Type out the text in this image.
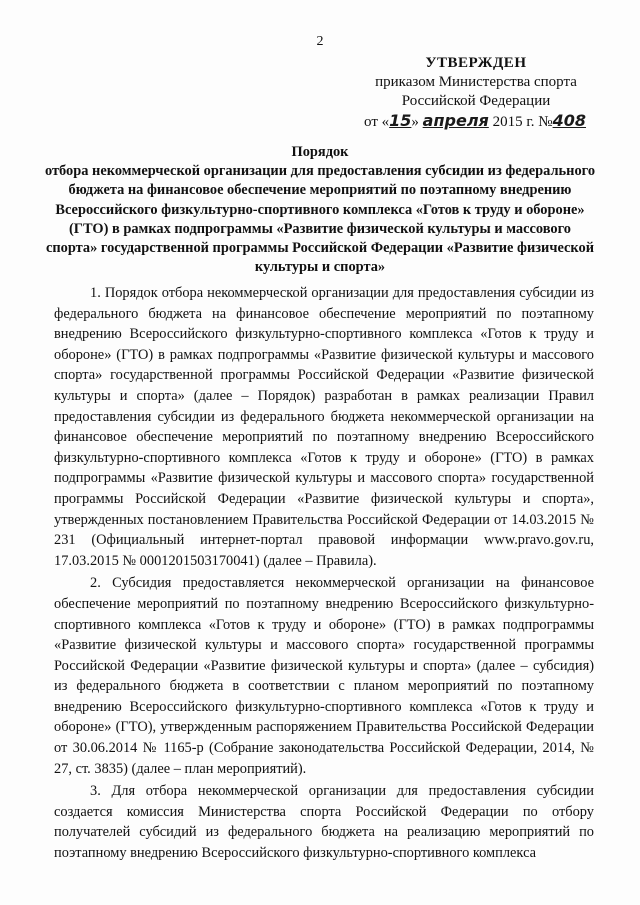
2
УТВЕРЖДЕН
приказом Министерства спорта
Российской Федерации
от «15» апреля 2015 г. №408
Порядок
отбора некоммерческой организации для предоставления субсидии из федерального бюджета на финансовое обеспечение мероприятий по поэтапному внедрению Всероссийского физкультурно-спортивного комплекса «Готов к труду и обороне» (ГТО) в рамках подпрограммы «Развитие физической культуры и массового спорта» государственной программы Российской Федерации «Развитие физической культуры и спорта»

1. Порядок отбора некоммерческой организации для предоставления субсидии из федерального бюджета на финансовое обеспечение мероприятий по поэтапному внедрению Всероссийского физкультурно-спортивного комплекса «Готов к труду и обороне» (ГТО) в рамках подпрограммы «Развитие физической культуры и массового спорта» государственной программы Российской Федерации «Развитие физической культуры и спорта» (далее – Порядок) разработан в рамках реализации Правил предоставления субсидии из федерального бюджета некоммерческой организации на финансовое обеспечение мероприятий по поэтапному внедрению Всероссийского физкультурно-спортивного комплекса «Готов к труду и обороне» (ГТО) в рамках подпрограммы «Развитие физической культуры и массового спорта» государственной программы Российской Федерации «Развитие физической культуры и спорта», утвержденных постановлением Правительства Российской Федерации от 14.03.2015 № 231 (Официальный интернет-портал правовой информации www.pravo.gov.ru, 17.03.2015 № 0001201503170041) (далее – Правила).

2. Субсидия предоставляется некоммерческой организации на финансовое обеспечение мероприятий по поэтапному внедрению Всероссийского физкультурно-спортивного комплекса «Готов к труду и обороне» (ГТО) в рамках подпрограммы «Развитие физической культуры и массового спорта» государственной программы Российской Федерации «Развитие физической культуры и спорта» (далее – субсидия) из федерального бюджета в соответствии с планом мероприятий по поэтапному внедрению Всероссийского физкультурно-спортивного комплекса «Готов к труду и обороне» (ГТО), утвержденным распоряжением Правительства Российской Федерации от 30.06.2014 № 1165-р (Собрание законодательства Российской Федерации, 2014, № 27, ст. 3835) (далее – план мероприятий).

3. Для отбора некоммерческой организации для предоставления субсидии создается комиссия Министерства спорта Российской Федерации по отбору получателей субсидий из федерального бюджета на реализацию мероприятий по поэтапному внедрению Всероссийского физкультурно-спортивного комплекса
